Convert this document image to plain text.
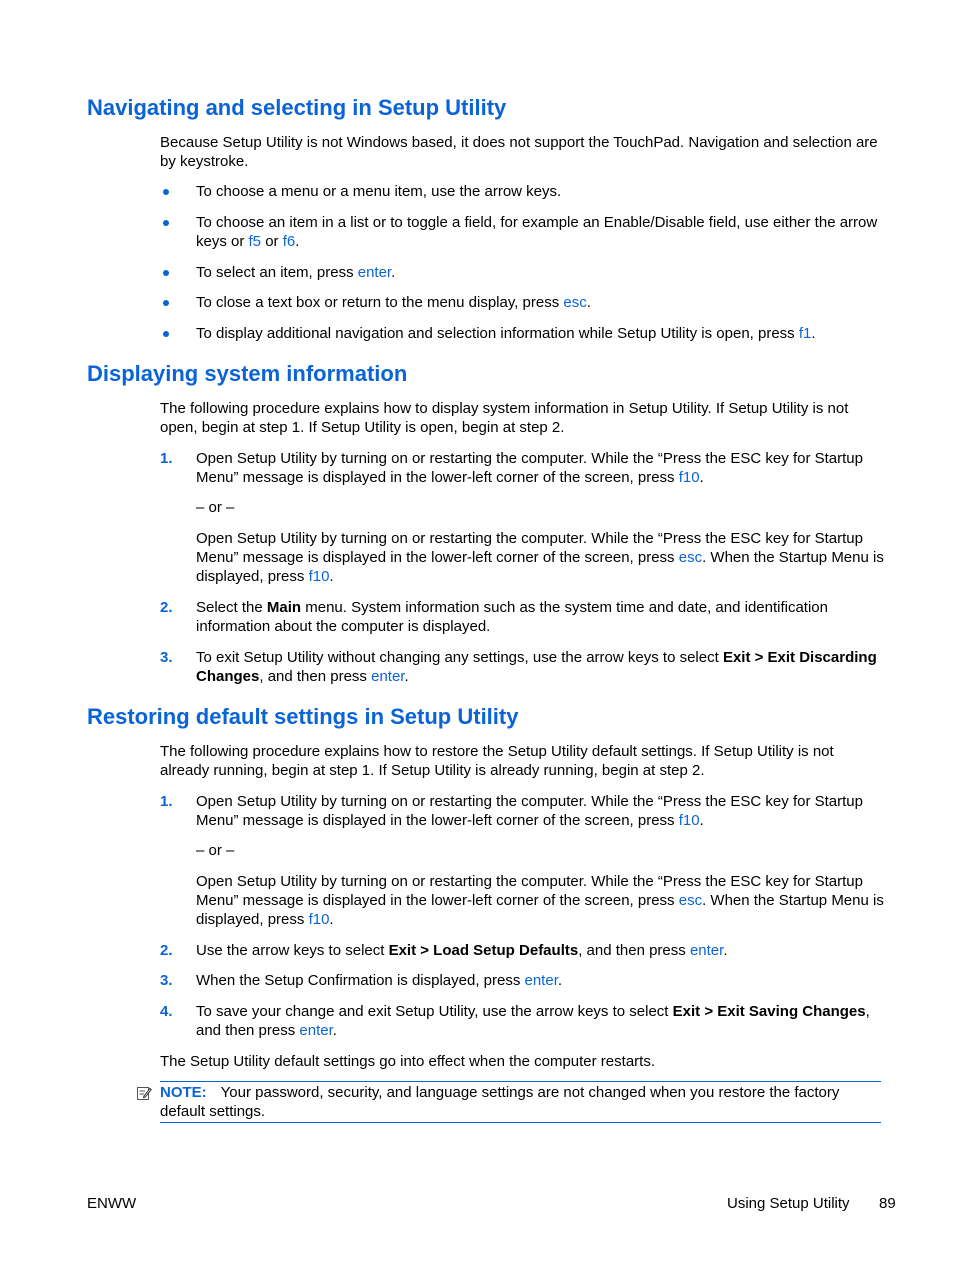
Navigating and selecting in Setup Utility

Because Setup Utility is not Windows based, it does not support the TouchPad. Navigation and selection are by keystroke.

To choose a menu or a menu item, use the arrow keys.

To choose an item in a list or to toggle a field, for example an Enable/Disable field, use either the arrow keys or f5 or f6.

To select an item, press enter.

To close a text box or return to the menu display, press esc.

To display additional navigation and selection information while Setup Utility is open, press f1.

Displaying system information

The following procedure explains how to display system information in Setup Utility. If Setup Utility is not open, begin at step 1. If Setup Utility is open, begin at step 2.

1. Open Setup Utility by turning on or restarting the computer. While the “Press the ESC key for Startup Menu” message is displayed in the lower-left corner of the screen, press f10.

– or –

Open Setup Utility by turning on or restarting the computer. While the “Press the ESC key for Startup Menu” message is displayed in the lower-left corner of the screen, press esc. When the Startup Menu is displayed, press f10.

2. Select the Main menu. System information such as the system time and date, and identification information about the computer is displayed.

3. To exit Setup Utility without changing any settings, use the arrow keys to select Exit > Exit Discarding Changes, and then press enter.

Restoring default settings in Setup Utility

The following procedure explains how to restore the Setup Utility default settings. If Setup Utility is not already running, begin at step 1. If Setup Utility is already running, begin at step 2.

1. Open Setup Utility by turning on or restarting the computer. While the “Press the ESC key for Startup Menu” message is displayed in the lower-left corner of the screen, press f10.

– or –

Open Setup Utility by turning on or restarting the computer. While the “Press the ESC key for Startup Menu” message is displayed in the lower-left corner of the screen, press esc. When the Startup Menu is displayed, press f10.

2. Use the arrow keys to select Exit > Load Setup Defaults, and then press enter.

3. When the Setup Confirmation is displayed, press enter.

4. To save your change and exit Setup Utility, use the arrow keys to select Exit > Exit Saving Changes, and then press enter.

The Setup Utility default settings go into effect when the computer restarts.

NOTE: Your password, security, and language settings are not changed when you restore the factory default settings.

ENWW	Using Setup Utility 89
